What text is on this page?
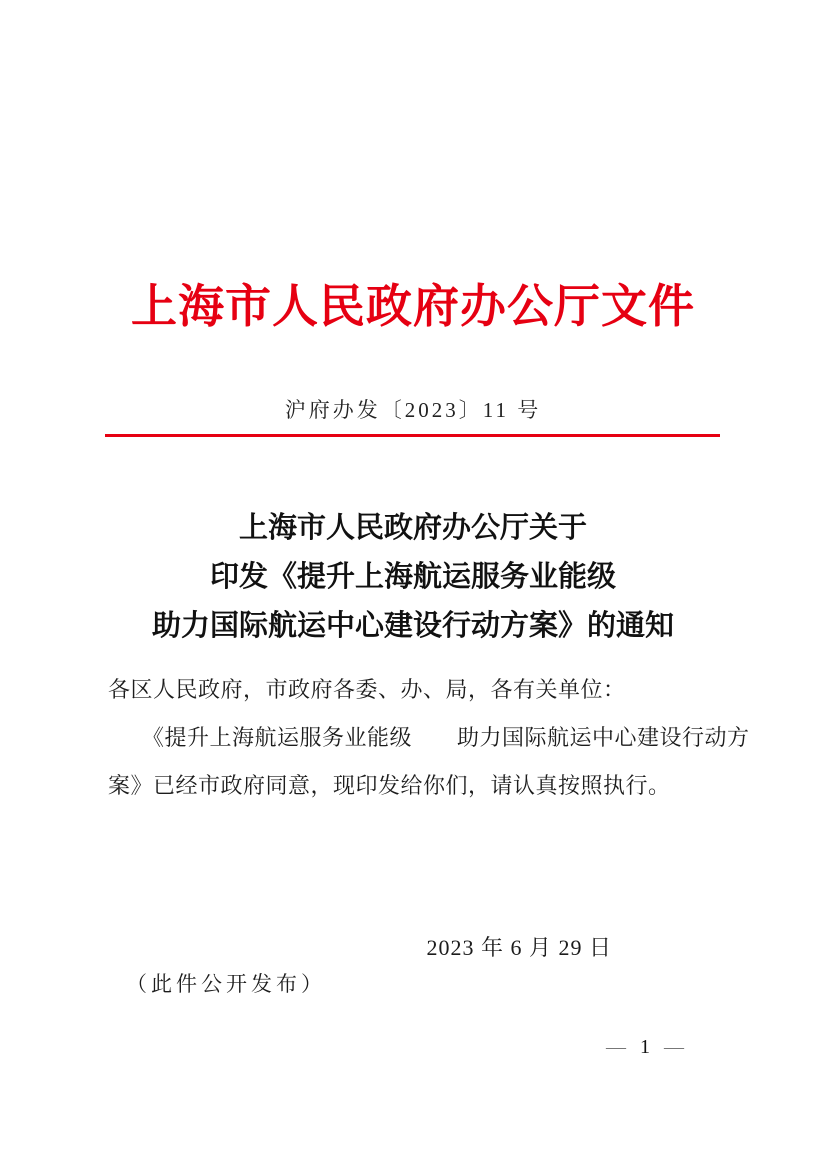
上海市人民政府办公厅文件
沪府办发〔2023〕11 号
上海市人民政府办公厅关于
印发《提升上海航运服务业能级
助力国际航运中心建设行动方案》的通知
各区人民政府，市政府各委、办、局，各有关单位：
　　《提升上海航运服务业能级　　助力国际航运中心建设行动方
案》已经市政府同意，现印发给你们，请认真按照执行。
2023 年 6 月 29 日
（此件公开发布）
— 1 —
